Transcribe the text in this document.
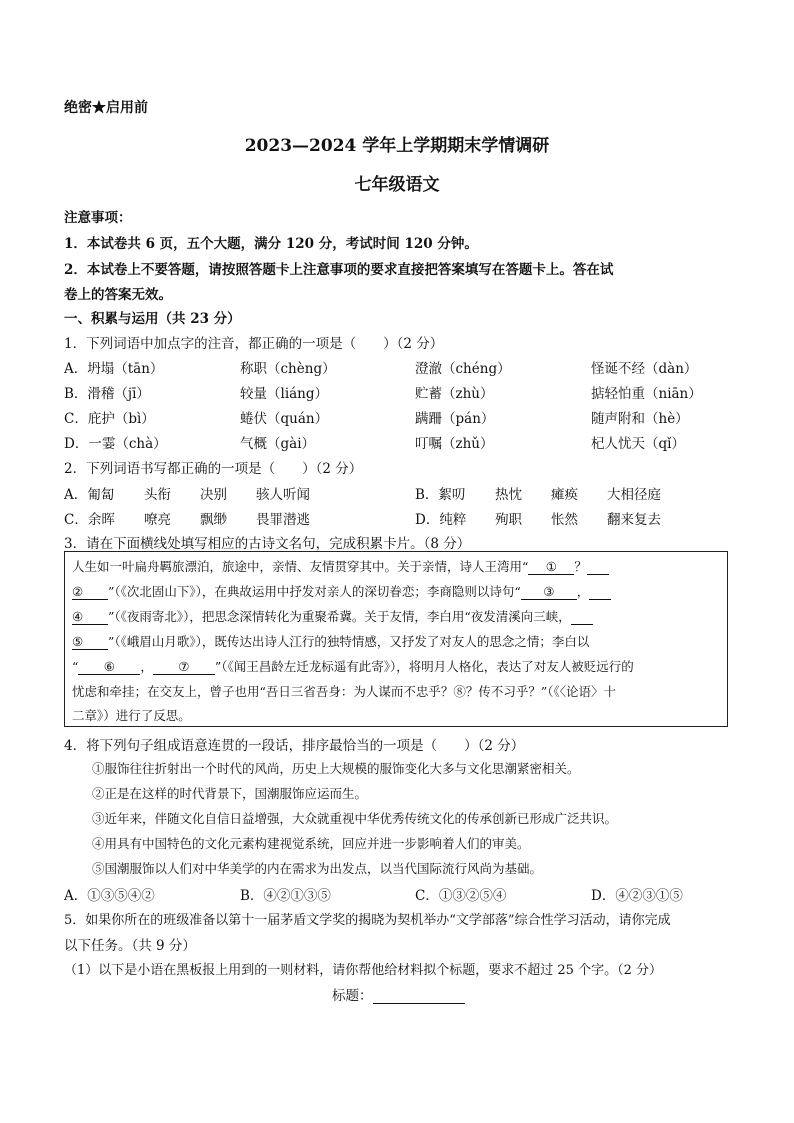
绝密★启用前
2023—2024 学年上学期期末学情调研
七年级语文
注意事项：
1．本试卷共 6 页，五个大题，满分 120 分，考试时间 120 分钟。
2．本试卷上不要答题，请按照答题卡上注意事项的要求直接把答案填写在答题卡上。答在试
卷上的答案无效。
一、积累与运用（共 23 分）
1．下列词语中加点字的注音，都正确的一项是（　　）（2 分）
A．坍塌（tān）	称职（chèng）	澄澈（chéng）	怪诞不经（dàn）
B．滑稽（jī）	较量（liáng）	贮蓄（zhù）	掂轻怕重（niān）
C．庇护（bì）	蜷伏（quán）	蹒跚（pán）	随声附和（hè）
D．一霎（chà）	气概（gài）	叮嘱（zhǔ）	杞人忧天（qǐ）
2．下列词语书写都正确的一项是（　　）（2 分）
A．匍匐 头衔 决别 骇人听闻	B．絮叨 热忱 瘫痪 大相径庭
C．余晖 嘹亮 飘缈 畏罪潜逃	D．纯粹 殉职 怅然 翻来复去
3．请在下面横线处填写相应的古诗文名句，完成积累卡片。（8 分）
人生如一叶扁舟羁旅漂泊，旅途中，亲情、友情贯穿其中。关于亲情，诗人王湾用“ ① ？
② ”（《次北固山下》），在典故运用中抒发对亲人的深切眷恋；李商隐则以诗句“ ③ ，
④ ”（《夜雨寄北》），把思念深情转化为重聚希冀。关于友情，李白用“夜发清溪向三峡，
⑤ ”（《峨眉山月歌》），既传达出诗人江行的独特情感，又抒发了对友人的思念之情；李白以
“ ⑥ ， ⑦ ”（《闻王昌龄左迁龙标遥有此寄》），将明月人格化，表达了对友人被贬远行的
忧虑和牵挂；在交友上，曾子也用“吾日三省吾身：为人谋而不忠乎？⑧？传不习乎？”（《〈论语〉十
二章》）进行了反思。
4．将下列句子组成语意连贯的一段话，排序最恰当的一项是（　　）（2 分）
①服饰往往折射出一个时代的风尚，历史上大规模的服饰变化大多与文化思潮紧密相关。
②正是在这样的时代背景下，国潮服饰应运而生。
③近年来，伴随文化自信日益增强，大众就重视中华优秀传统文化的传承创新已形成广泛共识。
④用具有中国特色的文化元素构建视觉系统，回应并进一步影响着人们的审美。
⑤国潮服饰以人们对中华美学的内在需求为出发点，以当代国际流行风尚为基础。
A．①③⑤④②	B．④②①③⑤	C．①③②⑤④	D．④②③①⑤
5．如果你所在的班级准备以第十一届茅盾文学奖的揭晓为契机举办“文学部落”综合性学习活动，请你完成
以下任务。（共 9 分）
（1）以下是小语在黑板报上用到的一则材料，请你帮他给材料拟个标题，要求不超过 25 个字。（2 分）
标题：
